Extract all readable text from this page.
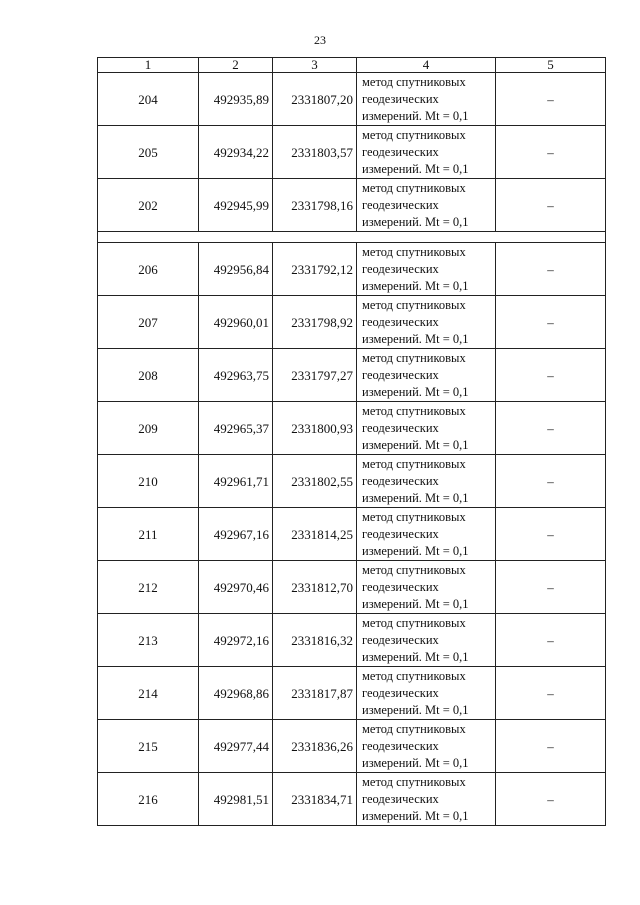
23
1	2	3	4	5
204	492935,89	2331807,20	метод спутниковых
геодезических
измерений. Mt = 0,1	–
205	492934,22	2331803,57	метод спутниковых
геодезических
измерений. Mt = 0,1	–
202	492945,99	2331798,16	метод спутниковых
геодезических
измерений. Mt = 0,1	–

206	492956,84	2331792,12	метод спутниковых
геодезических
измерений. Mt = 0,1	–
207	492960,01	2331798,92	метод спутниковых
геодезических
измерений. Mt = 0,1	–
208	492963,75	2331797,27	метод спутниковых
геодезических
измерений. Mt = 0,1	–
209	492965,37	2331800,93	метод спутниковых
геодезических
измерений. Mt = 0,1	–
210	492961,71	2331802,55	метод спутниковых
геодезических
измерений. Mt = 0,1	–
211	492967,16	2331814,25	метод спутниковых
геодезических
измерений. Mt = 0,1	–
212	492970,46	2331812,70	метод спутниковых
геодезических
измерений. Mt = 0,1	–
213	492972,16	2331816,32	метод спутниковых
геодезических
измерений. Mt = 0,1	–
214	492968,86	2331817,87	метод спутниковых
геодезических
измерений. Mt = 0,1	–
215	492977,44	2331836,26	метод спутниковых
геодезических
измерений. Mt = 0,1	–
216	492981,51	2331834,71	метод спутниковых
геодезических
измерений. Mt = 0,1	–
